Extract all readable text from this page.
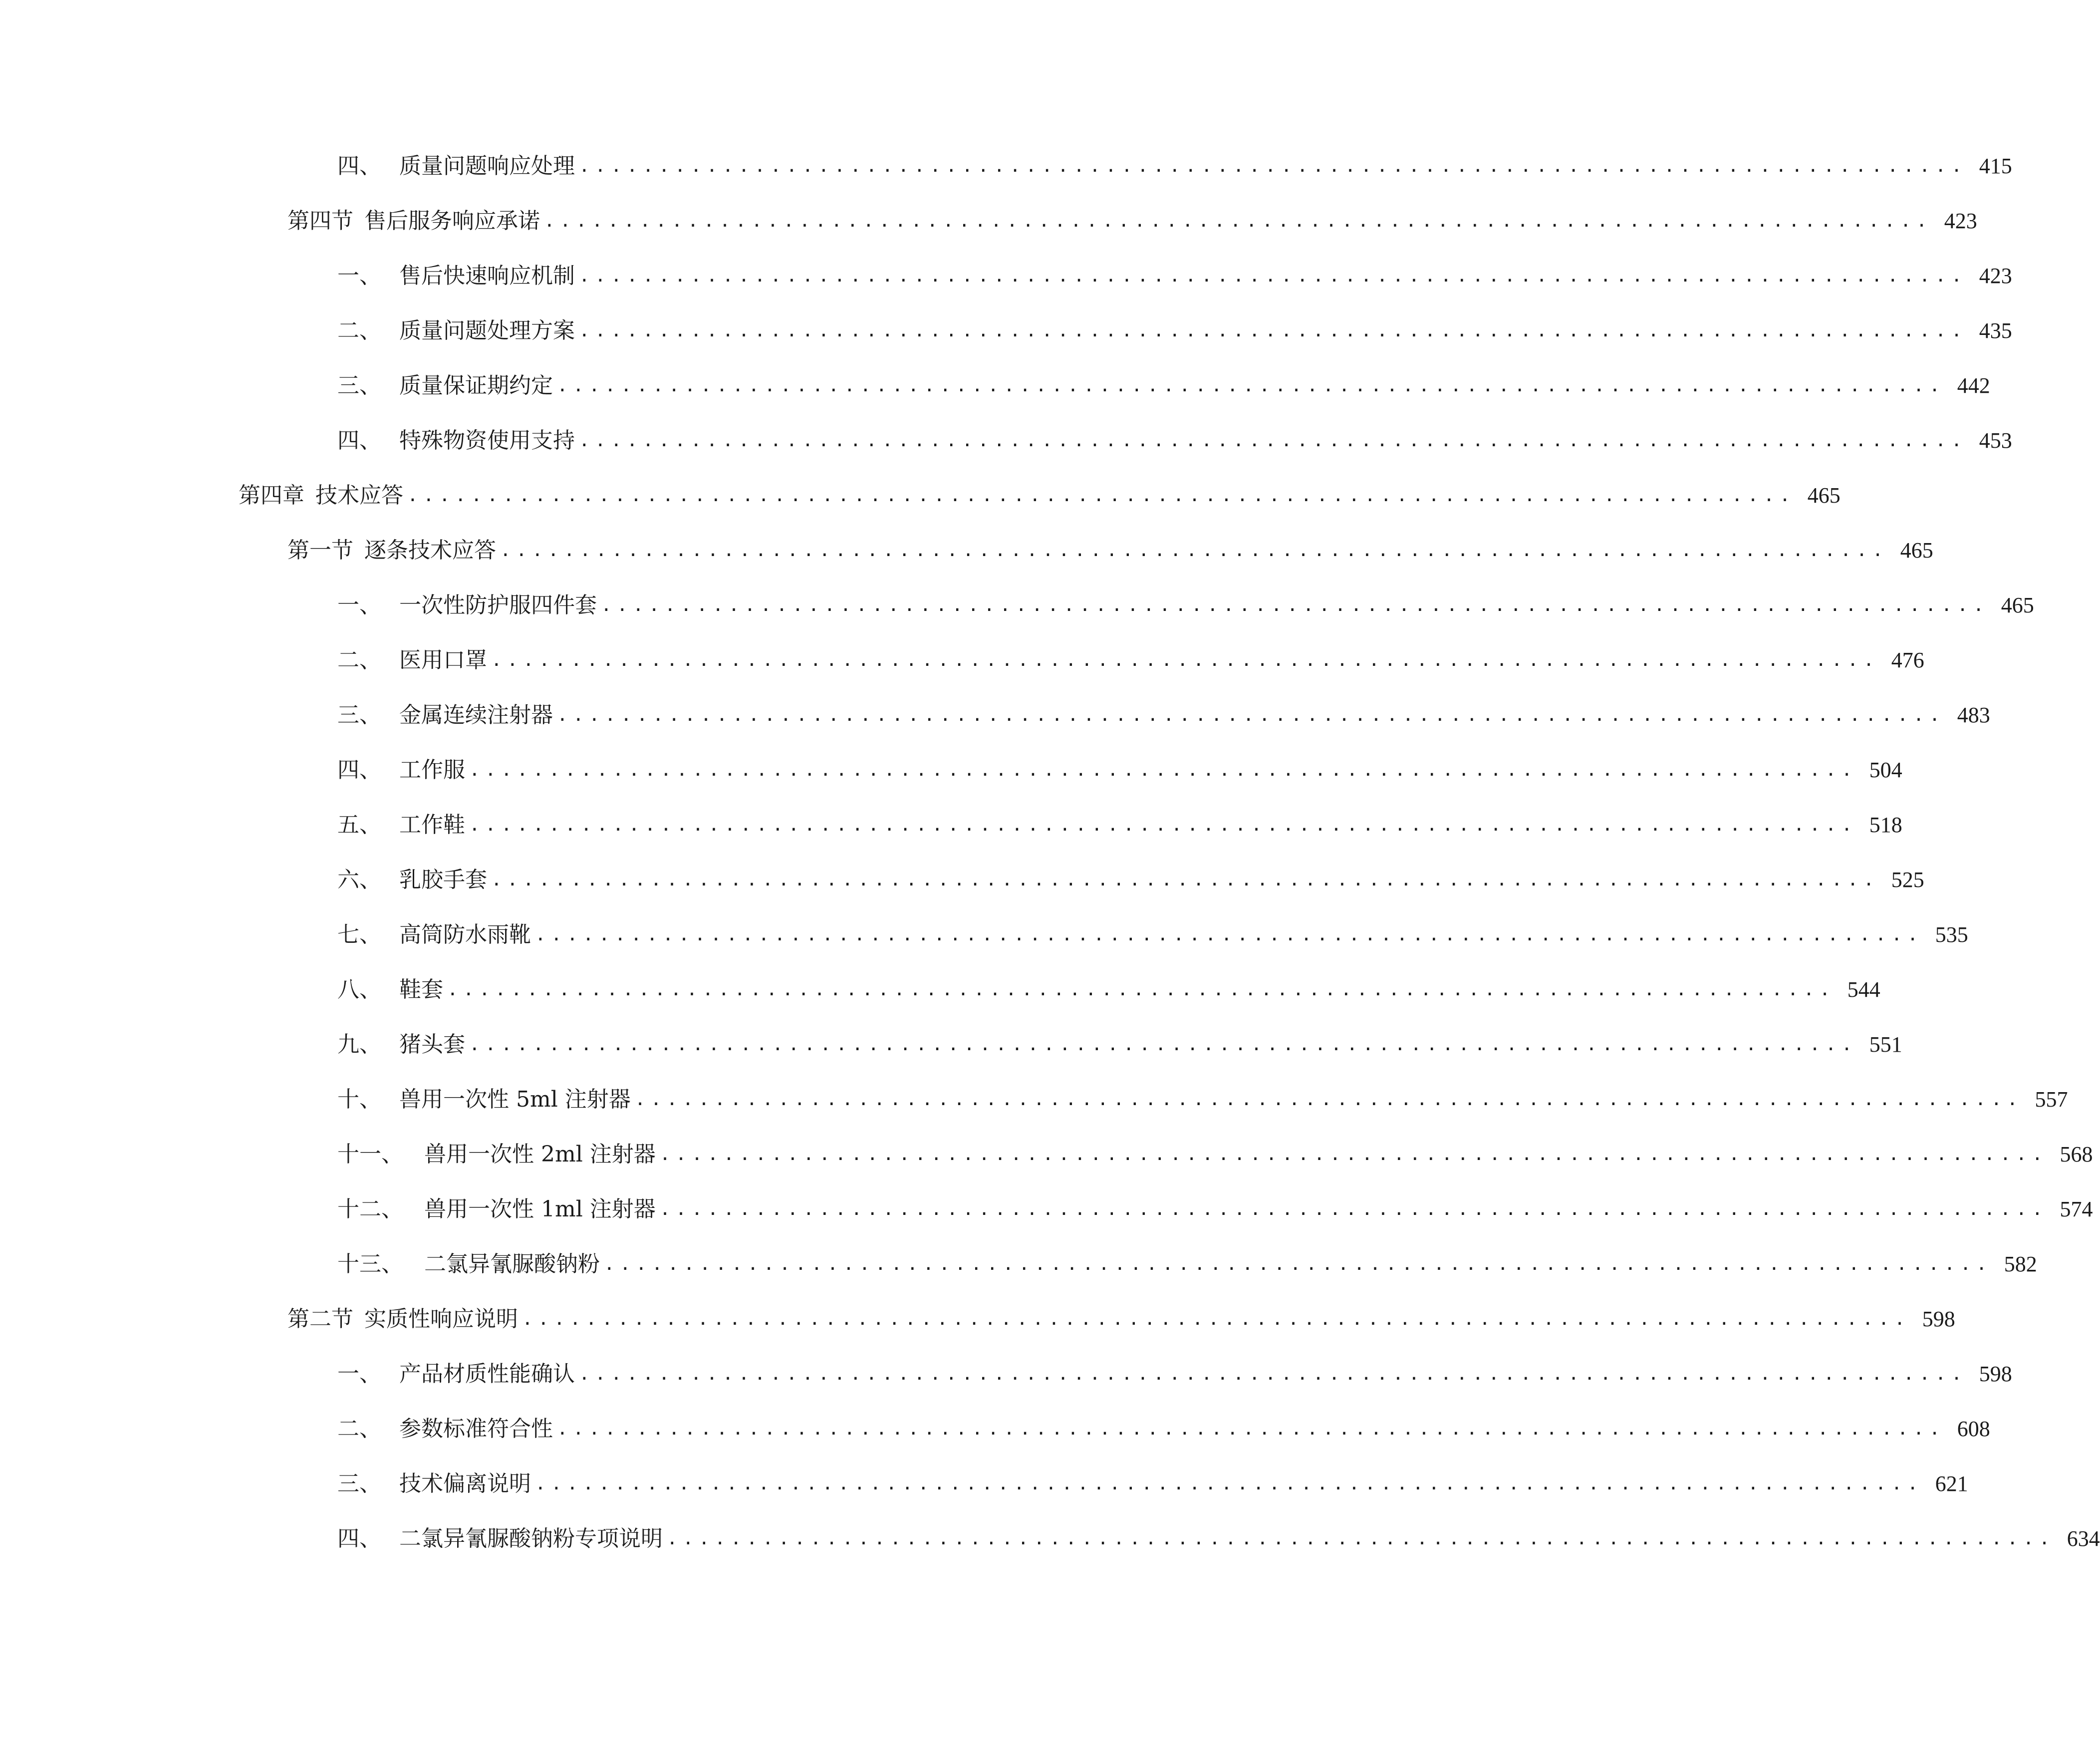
四、 质量问题响应处理 ....................................................................................... 415
第四节 售后服务响应承诺 ....................................................................................... 423
一、 售后快速响应机制 ....................................................................................... 423
二、 质量问题处理方案 ....................................................................................... 435
三、 质量保证期约定 ....................................................................................... 442
四、 特殊物资使用支持 ....................................................................................... 453
第四章 技术应答 ....................................................................................... 465
第一节 逐条技术应答 ....................................................................................... 465
一、 一次性防护服四件套 ....................................................................................... 465
二、 医用口罩 ....................................................................................... 476
三、 金属连续注射器 ....................................................................................... 483
四、 工作服 ....................................................................................... 504
五、 工作鞋 ....................................................................................... 518
六、 乳胶手套 ....................................................................................... 525
七、 高筒防水雨靴 ....................................................................................... 535
八、 鞋套 ....................................................................................... 544
九、 猪头套 ....................................................................................... 551
十、 兽用一次性 5ml 注射器 ....................................................................................... 557
十一、 兽用一次性 2ml 注射器 ....................................................................................... 568
十二、 兽用一次性 1ml 注射器 ....................................................................................... 574
十三、 二氯异氰脲酸钠粉 ....................................................................................... 582
第二节 实质性响应说明 ....................................................................................... 598
一、 产品材质性能确认 ....................................................................................... 598
二、 参数标准符合性 ....................................................................................... 608
三、 技术偏离说明 ....................................................................................... 621
四、 二氯异氰脲酸钠粉专项说明 ....................................................................................... 634
